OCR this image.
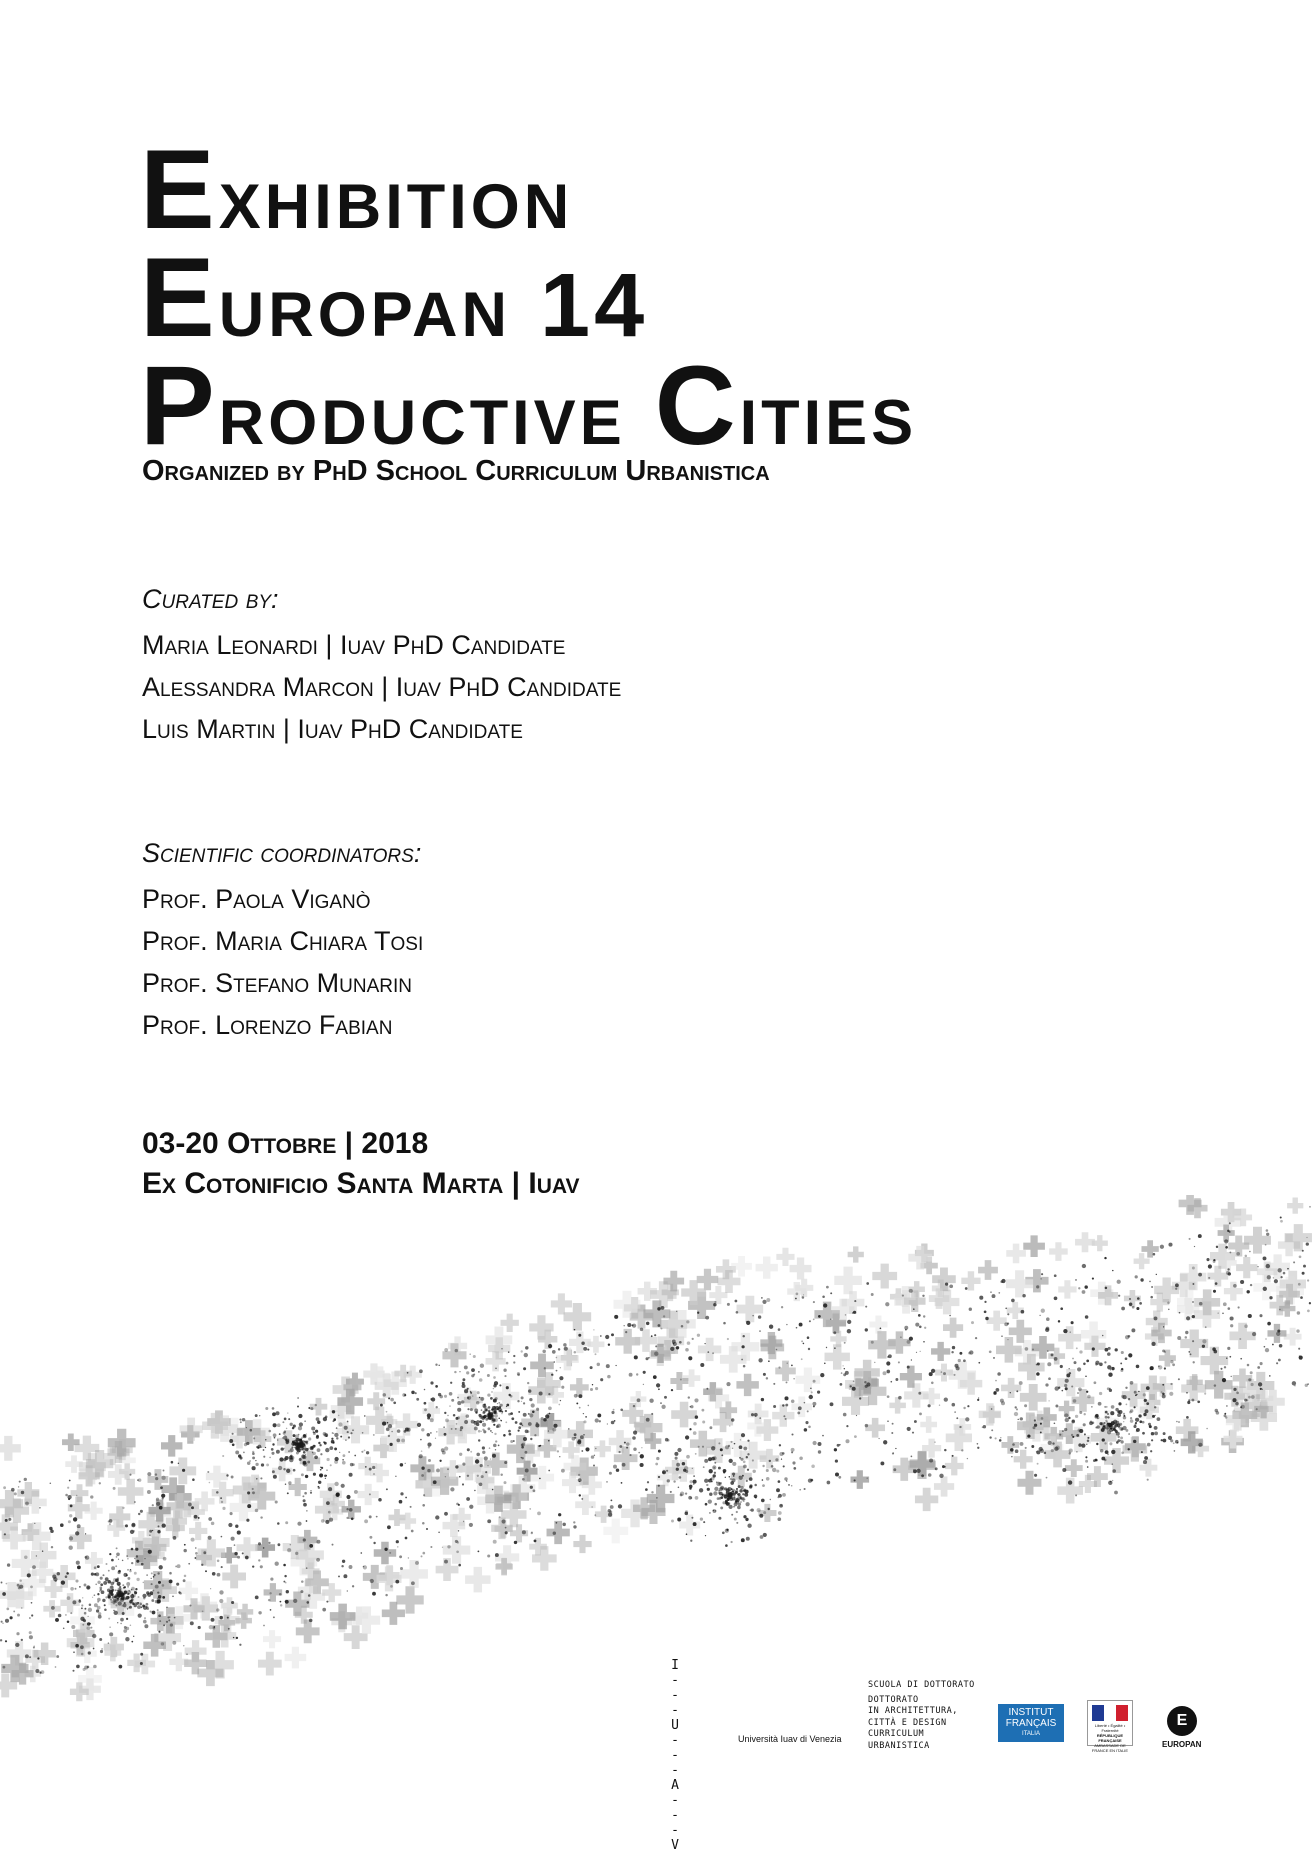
Exhibition
Europan 14
Productive Cities
Organized by PhD School Curriculum Urbanistica
Curated by:
Maria Leonardi | Iuav PhD Candidate
Alessandra Marcon | Iuav PhD Candidate
Luis Martin | Iuav PhD Candidate
Scientific coordinators:
Prof. Paola Viganò
Prof. Maria Chiara Tosi
Prof. Stefano Munarin
Prof. Lorenzo Fabian
03-20 Ottobre | 2018
Ex Cotonificio Santa Marta | Iuav
I
---
U
---
A
---
V
Università Iuav di Venezia
SCUOLA DI DOTTORATO
DOTTORATO
IN ARCHITETTURA,
CITTÀ E DESIGN
CURRICULUM
URBANISTICA
INSTITUT
FRANÇAIS
ITALIA
Liberté • Égalité • Fraternité
RÉPUBLIQUE FRANÇAISE
AMBASSADE DE FRANCE EN ITALIE
E
EUROPAN
